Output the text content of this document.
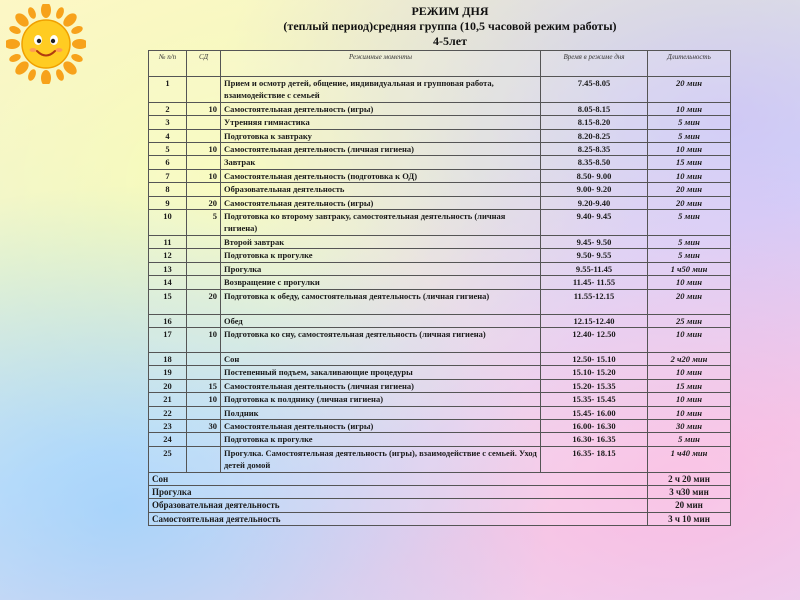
РЕЖИМ ДНЯ
(теплый период)средняя группа (10,5 часовой режим работы)
4-5лет
№ п/п	СД	Режимные моменты	Время в режиме дня	Длительность
1		Прием и осмотр детей, общение, индивидуальная и групповая работа, взаимодействие с семьей	7.45-8.05	20 мин
2	10	Самостоятельная деятельность (игры)	8.05-8.15	10 мин
3		Утренняя гимнастика	8.15-8.20	5 мин
4		Подготовка к завтраку	8.20-8.25	5 мин
5	10	Самостоятельная деятельность (личная гигиена)	8.25-8.35	10 мин
6		Завтрак	8.35-8.50	15 мин
7	10	Самостоятельная деятельность (подготовка к ОД)	8.50- 9.00	10 мин
8		Образовательная деятельность	9.00- 9.20	20 мин
9	20	Самостоятельная деятельность (игры)	9.20-9.40	20 мин
10	5	Подготовка ко второму завтраку, самостоятельная деятельность (личная гигиена)	9.40- 9.45	5 мин
11		Второй завтрак	9.45- 9.50	5 мин
12		Подготовка к прогулке	9.50- 9.55	5 мин
13		Прогулка	9.55-11.45	1 ч50 мин
14		Возвращение с прогулки	11.45- 11.55	10 мин
15	20	Подготовка к обеду, самостоятельная деятельность (личная гигиена)	11.55-12.15	20 мин
16		Обед	12.15-12.40	25 мин
17	10	Подготовка ко сну, самостоятельная деятельность (личная гигиена)	12.40- 12.50	10 мин
18		Сон	12.50- 15.10	2 ч20 мин
19		Постепенный подъем, закаливающие процедуры	15.10- 15.20	10 мин
20	15	Самостоятельная деятельность (личная гигиена)	15.20- 15.35	15 мин
21	10	Подготовка к полднику (личная гигиена)	15.35- 15.45	10 мин
22		Полдник	15.45- 16.00	10 мин
23	30	Самостоятельная деятельность (игры)	16.00- 16.30	30 мин
24		Подготовка к прогулке	16.30- 16.35	5 мин
25		Прогулка. Самостоятельная деятельность (игры), взаимодействие с семьей. Уход детей домой	16.35- 18.15	1 ч40 мин
Сон				2 ч 20 мин
Прогулка				3 ч30 мин
Образовательная деятельность				20 мин
Самостоятельная деятельность				3 ч 10 мин
